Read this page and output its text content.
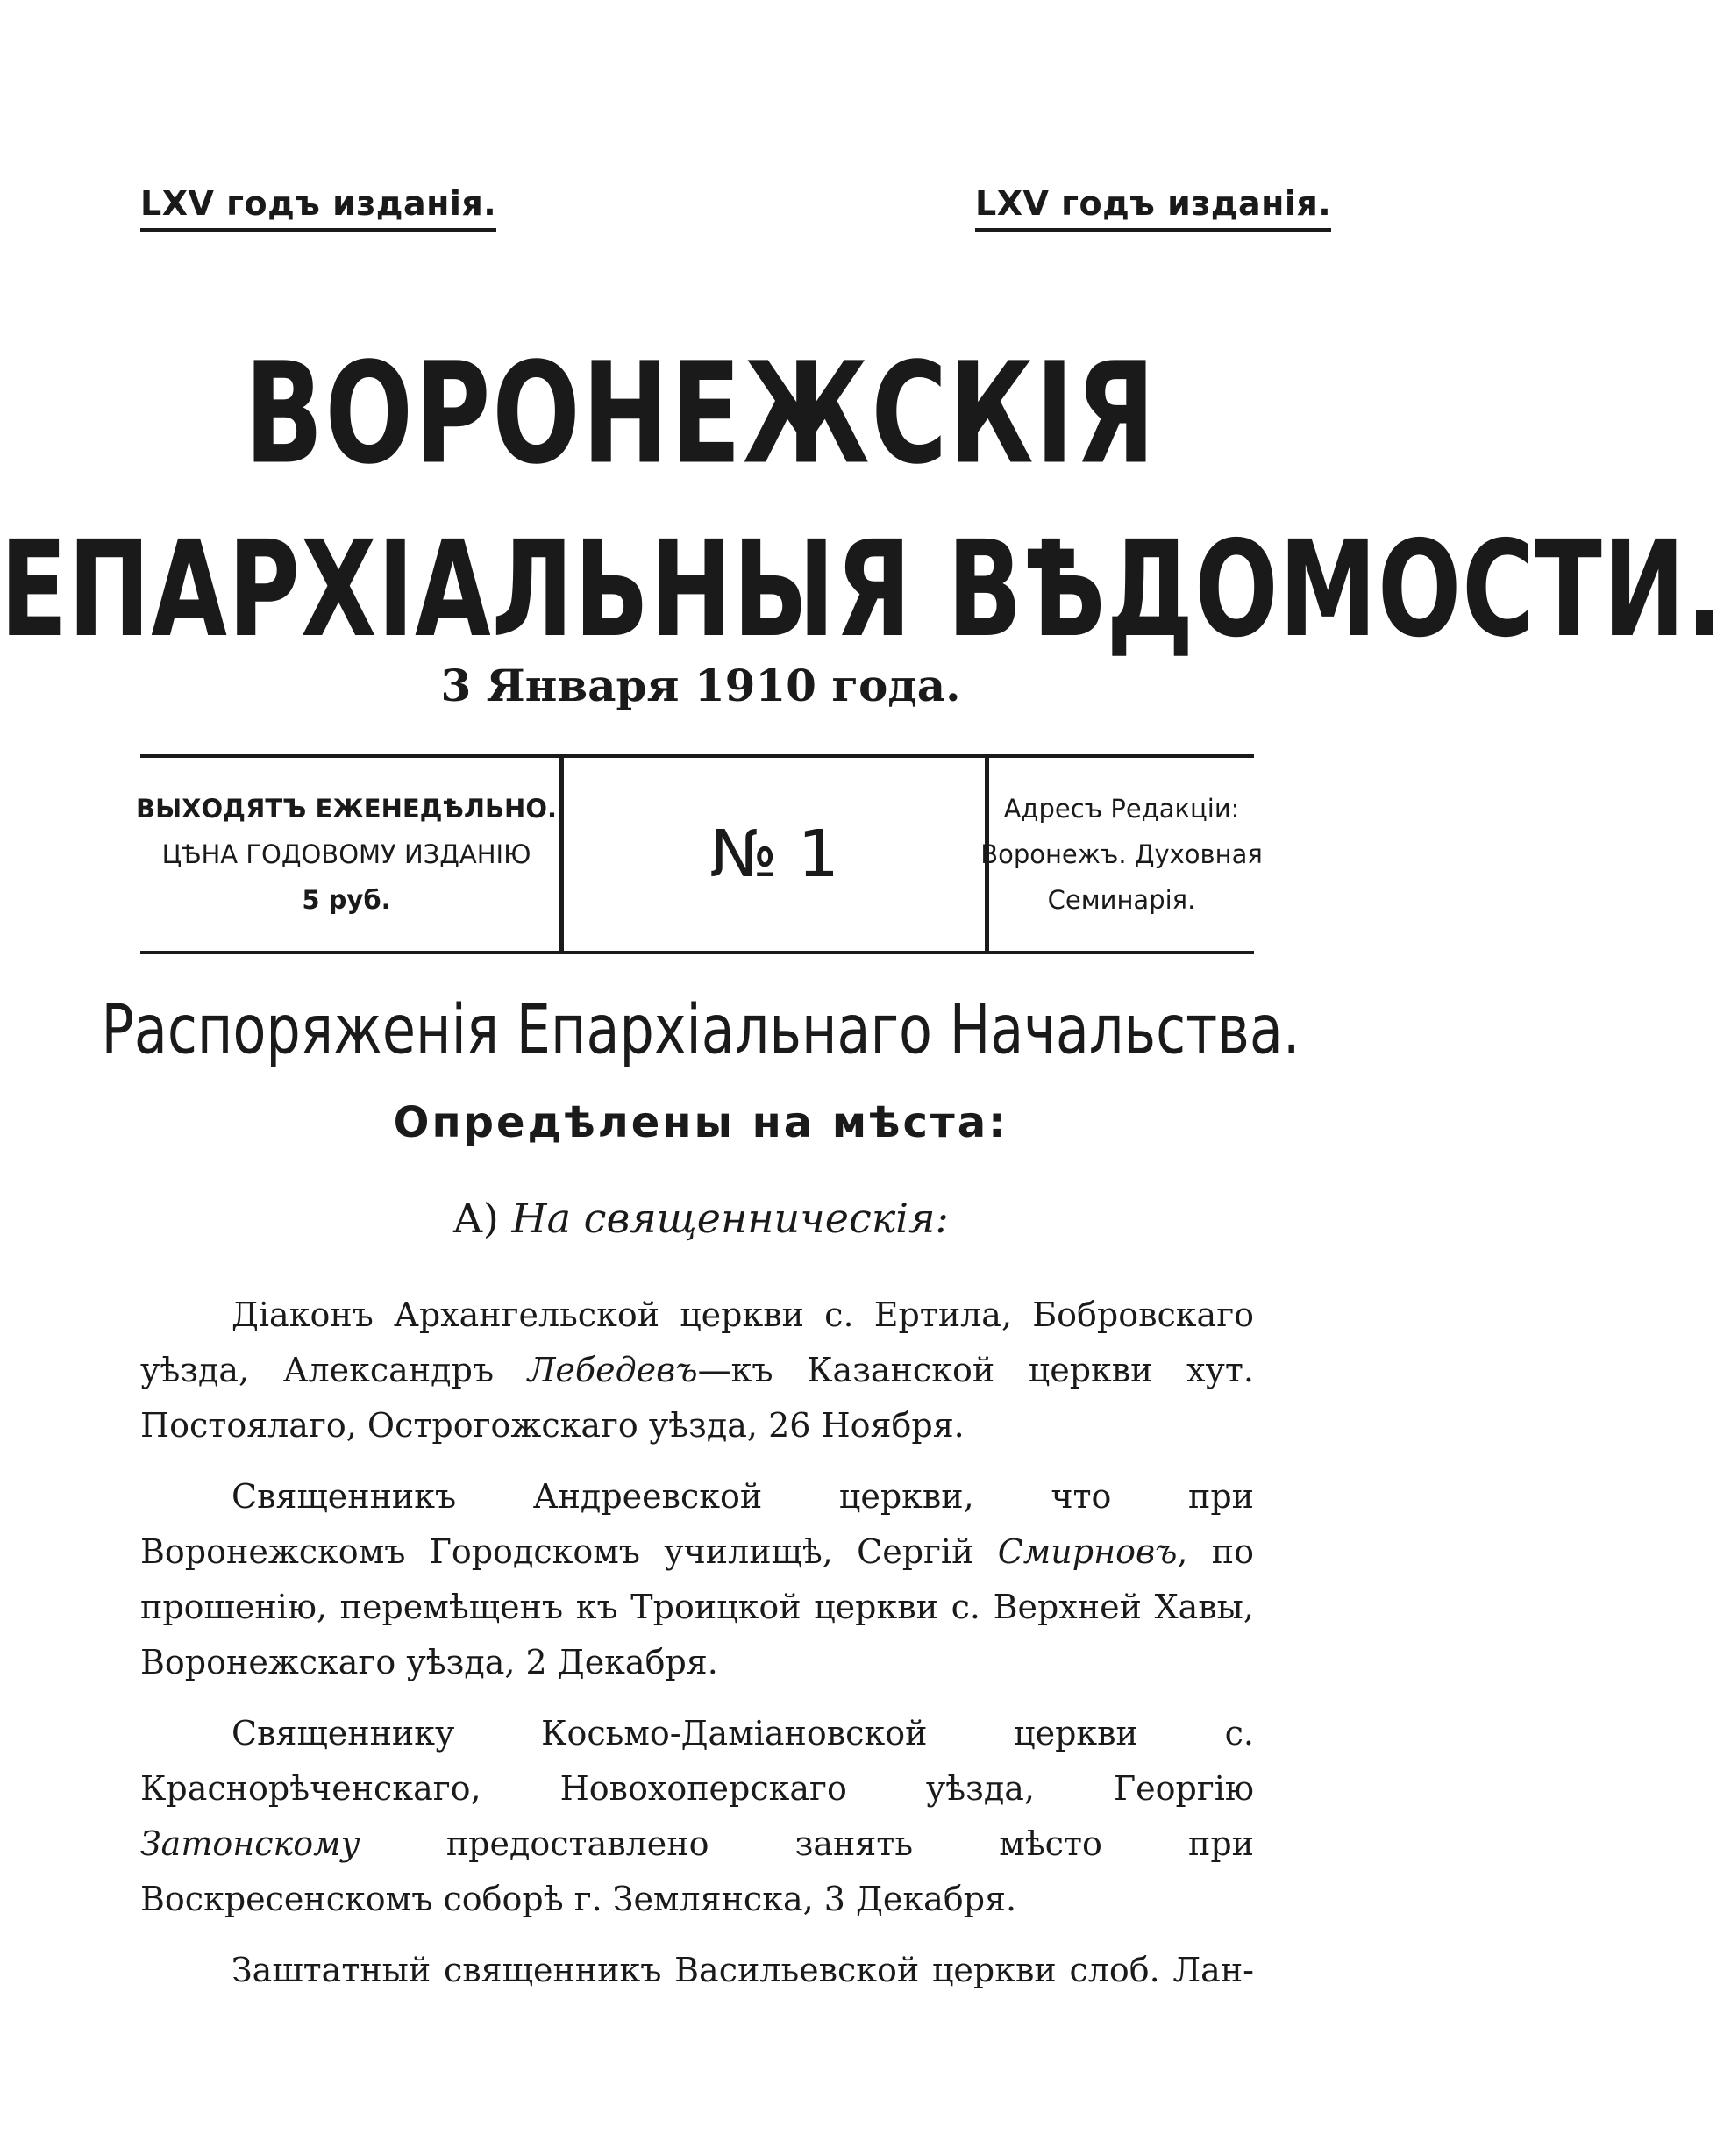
LXV годъ изданія.	LXV годъ изданія.
ВОРОНЕЖСКІЯ
ЕПАРХІАЛЬНЫЯ ВѢДОМОСТИ.
3 Января 1910 года.
ВЫХОДЯТЪ ЕЖЕНЕДѢЛЬНО.
ЦѢНА ГОДОВОМУ ИЗДАНІЮ
5 руб.
№ 1
Адресъ Редакціи:
Воронежъ. Духовная
Семинарія.
Распоряженія Епархіальнаго Начальства.
Опредѣлены на мѣста:
А) На священническія:

Діаконъ Архангельской церкви с. Ертила, Бобровскаго уѣзда, Александръ Лебедевъ—къ Казанской церкви хут. Постоялаго, Острогожскаго уѣзда, 26 Ноября.

Священникъ Андреевской церкви, что при Воронежскомъ Городскомъ училищѣ, Сергій Смирновъ, по прошенію, перемѣщенъ къ Троицкой церкви с. Верхней Хавы, Воронежскаго уѣзда, 2 Декабря.

Священнику Косьмо-Даміановской церкви с. Краснорѣченскаго, Новохоперскаго уѣзда, Георгію Затонскому предоставлено занять мѣсто при Воскресенскомъ соборѣ г. Землянска, 3 Декабря.

Заштатный священникъ Васильевской церкви слоб. Лан-
